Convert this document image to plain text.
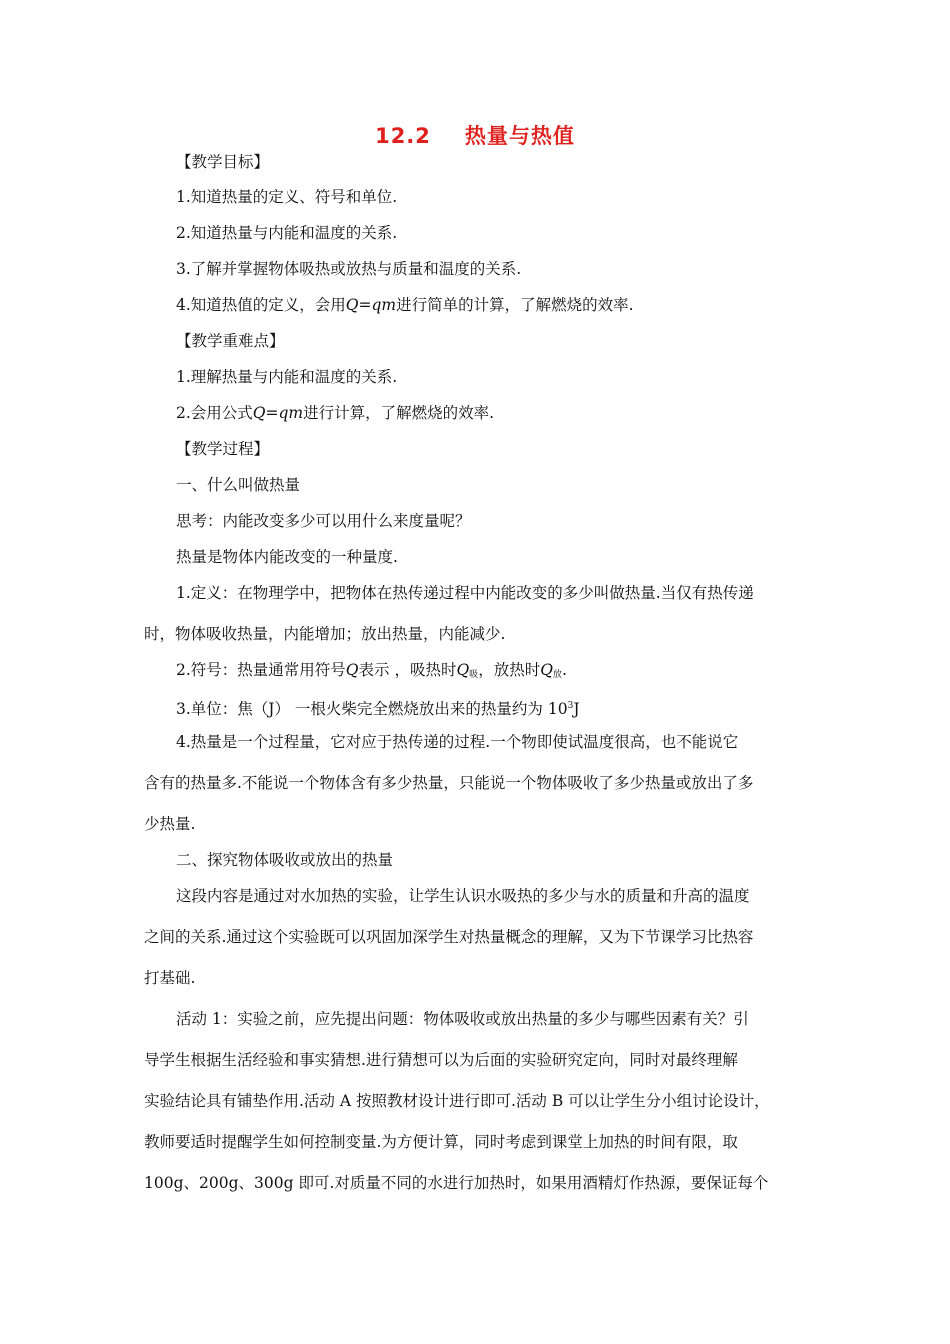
12.2 热量与热值
【教学目标】
1.知道热量的定义、符号和单位.
2.知道热量与内能和温度的关系.
3.了解并掌握物体吸热或放热与质量和温度的关系.
4.知道热值的定义，会用Q=qm进行简单的计算，了解燃烧的效率.
【教学重难点】
1.理解热量与内能和温度的关系.
2.会用公式Q=qm进行计算，了解燃烧的效率.
【教学过程】
一、什么叫做热量
思考：内能改变多少可以用什么来度量呢？
热量是物体内能改变的一种量度.
1.定义：在物理学中，把物体在热传递过程中内能改变的多少叫做热量.当仅有热传递
时，物体吸收热量，内能增加；放出热量，内能减少.
2.符号：热量通常用符号Q表示 ，吸热时$Q_吸$，放热时$Q_放$.
3.单位：焦（J） 一根火柴完全燃烧放出来的热量约为 $10^3J$
4.热量是一个过程量，它对应于热传递的过程.一个物即使试温度很高，也不能说它
含有的热量多.不能说一个物体含有多少热量，只能说一个物体吸收了多少热量或放出了多
少热量.
二、探究物体吸收或放出的热量
这段内容是通过对水加热的实验，让学生认识水吸热的多少与水的质量和升高的温度
之间的关系.通过这个实验既可以巩固加深学生对热量概念的理解，又为下节课学习比热容
打基础.
活动 1：实验之前，应先提出问题：物体吸收或放出热量的多少与哪些因素有关？引
导学生根据生活经验和事实猜想.进行猜想可以为后面的实验研究定向，同时对最终理解
实验结论具有铺垫作用.活动 A 按照教材设计进行即可.活动 B 可以让学生分小组讨论设计，
教师要适时提醒学生如何控制变量.为方便计算，同时考虑到课堂上加热的时间有限，取
100g、200g、300g 即可.对质量不同的水进行加热时，如果用酒精灯作热源，要保证每个
